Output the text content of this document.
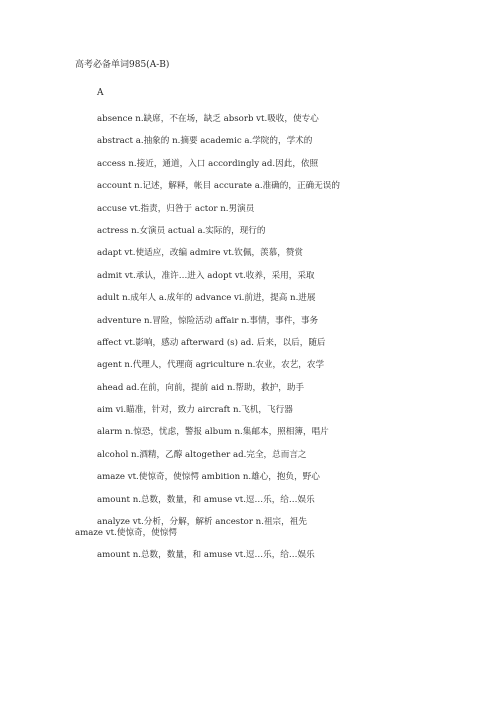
高考必备单词985(A-B)
A
absence n.缺席，不在场，缺乏 absorb vt.吸收，使专心
abstract a.抽象的 n.摘要 academic a.学院的，学术的
access n.接近，通道，入口 accordingly ad.因此，依照
account n.记述，解释，帐目 accurate a.准确的，正确无误的
accuse vt.指责，归咎于 actor n.男演员
actress n.女演员 actual a.实际的，现行的
adapt vt.使适应，改编 admire vt.钦佩，羡慕，赞赏
admit vt.承认，准许…进入 adopt vt.收养，采用，采取
adult n.成年人 a.成年的 advance vi.前进，提高 n.进展
adventure n.冒险，惊险活动 affair n.事情，事件，事务
affect vt.影响，感动 afterward (s) ad. 后来，以后，随后
agent n.代理人，代理商 agriculture n.农业，农艺，农学
ahead ad.在前，向前，提前 aid n.帮助，救护，助手
aim vi.瞄准，针对，致力 aircraft n.飞机，飞行器
alarm n.惊恐，忧虑，警报 album n.集邮本，照相簿，唱片
alcohol n.酒精，乙醇 altogether ad.完全，总而言之
amaze vt.使惊奇，使惊愕 ambition n.雄心，抱负，野心
amount n.总数，数量，和 amuse vt.逗…乐，给…娱乐
analyze vt.分析，分解，解析 ancestor n.祖宗，祖先
amaze vt.使惊奇，使惊愕
amount n.总数，数量，和 amuse vt.逗…乐，给…娱乐
